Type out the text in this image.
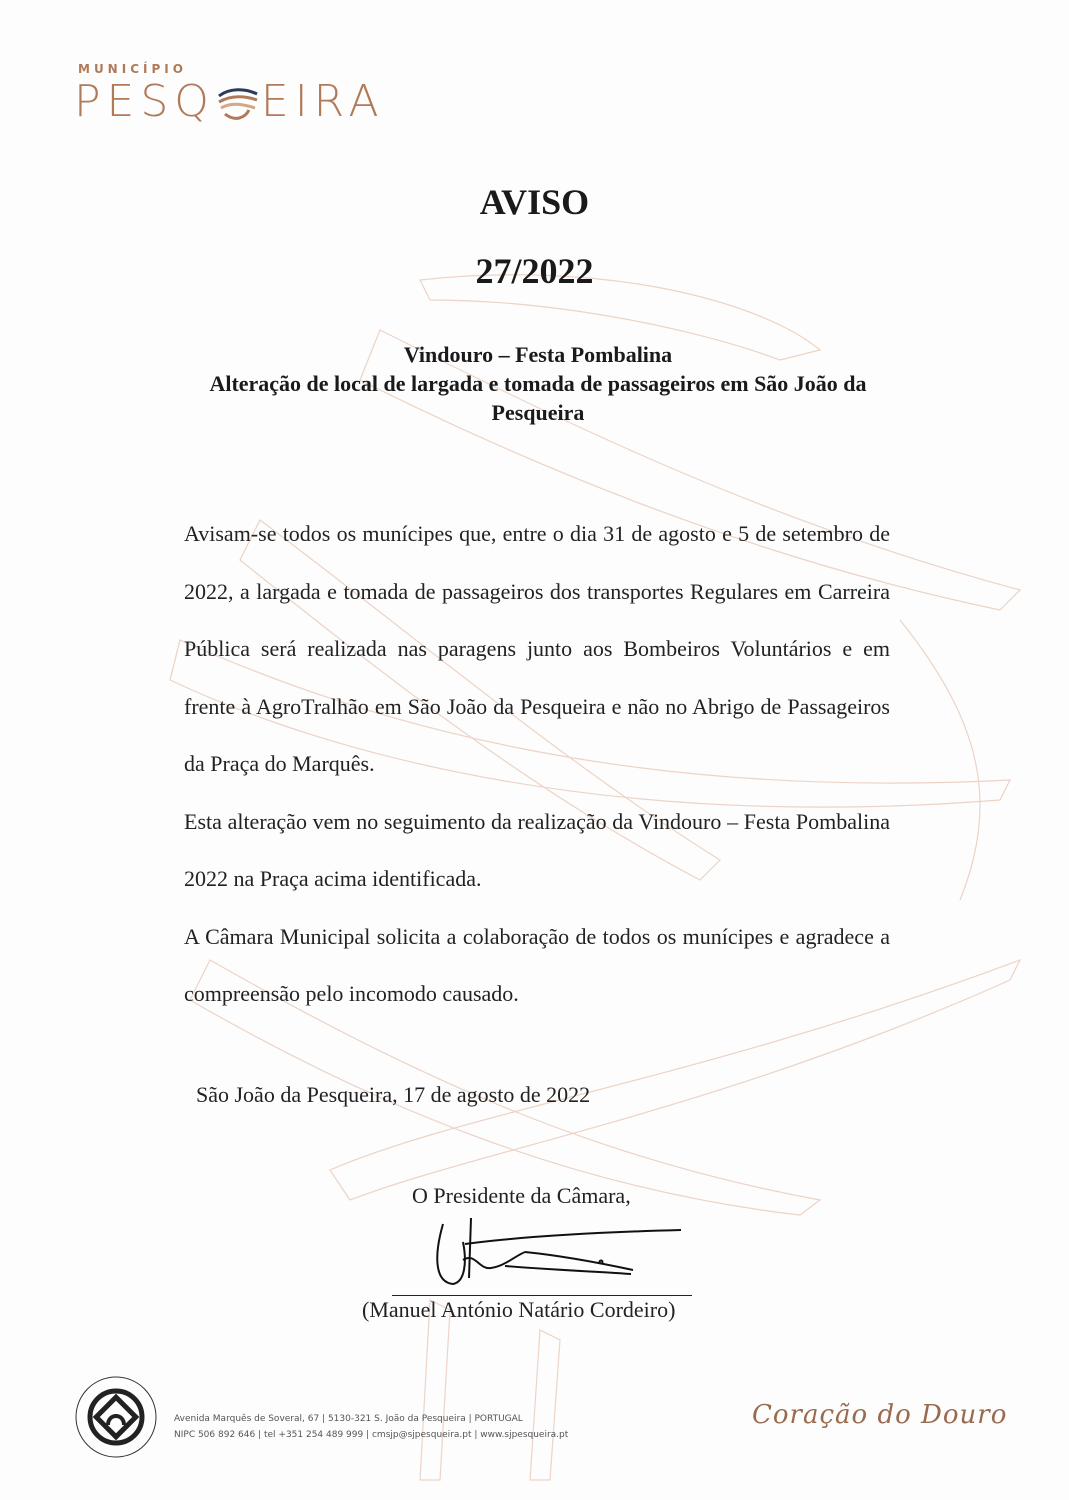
MUNICÍPIO
PESQ EIRA
AVISO
27/2022
Vindouro – Festa Pombalina
Alteração de local de largada e tomada de passageiros em São João da Pesqueira

Avisam-se todos os munícipes que, entre o dia 31 de agosto e 5 de setembro de 2022, a largada e tomada de passageiros dos transportes Regulares em Carreira Pública será realizada nas paragens junto aos Bombeiros Voluntários e em frente à AgroTralhão em São João da Pesqueira e não no Abrigo de Passageiros da Praça do Marquês.

Esta alteração vem no seguimento da realização da Vindouro – Festa Pombalina 2022 na Praça acima identificada.

A Câmara Municipal solicita a colaboração de todos os munícipes e agradece a compreensão pelo incomodo causado.

São João da Pesqueira, 17 de agosto de 2022
O Presidente da Câmara,
(Manuel António Natário Cordeiro)
Avenida Marquês de Soveral, 67 | 5130-321 S. João da Pesqueira | PORTUGAL
NIPC 506 892 646 | tel +351 254 489 999 | cmsjp@sjpesqueira.pt | www.sjpesqueira.pt
Coração do Douro
